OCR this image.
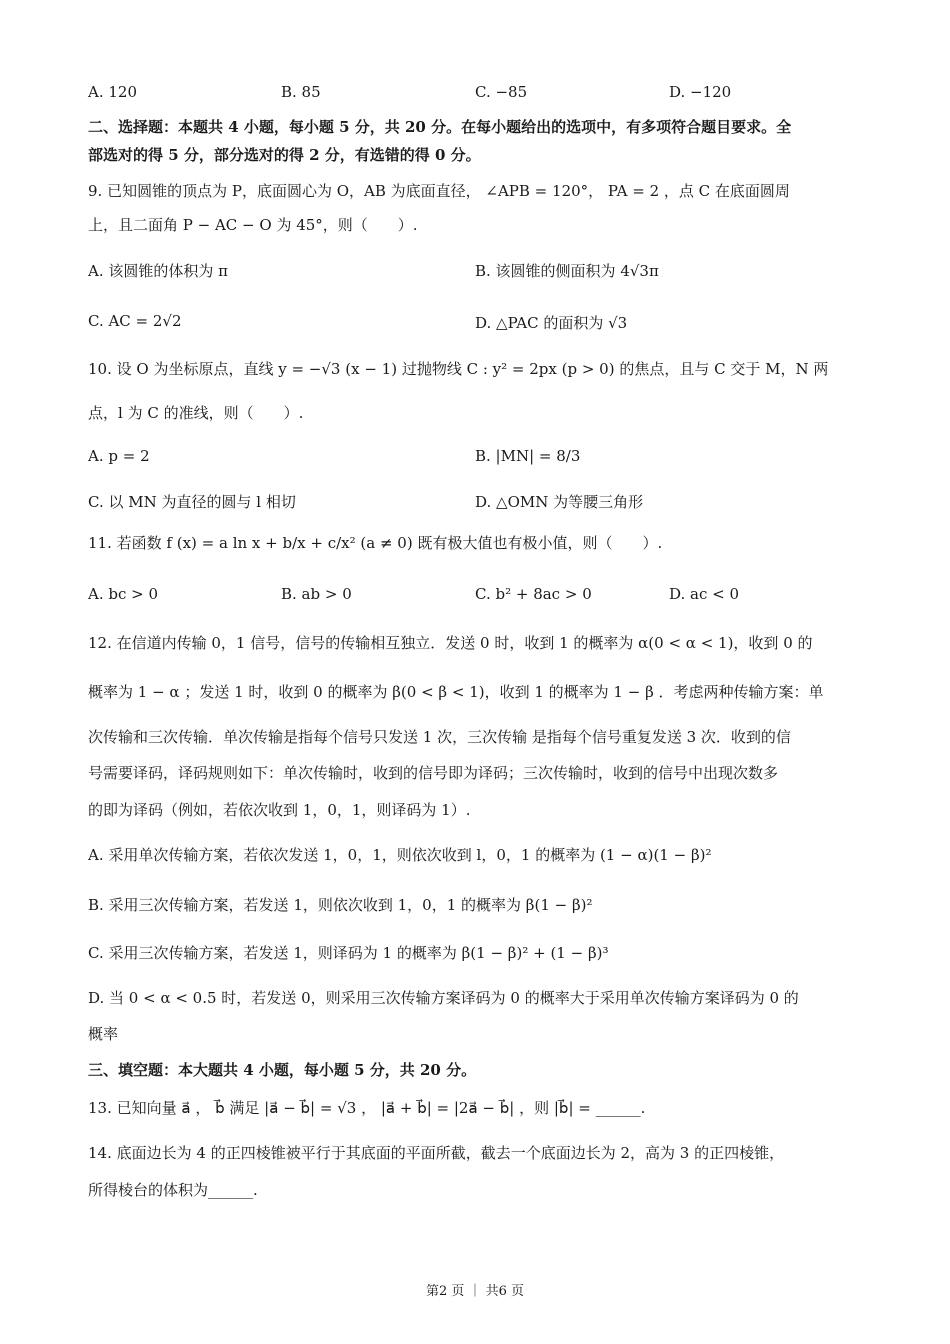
A. 120	B. 85	C. −85	D. −120
二、选择题：本题共 4 小题，每小题 5 分，共 20 分。在每小题给出的选项中，有多项符合题目要求。全
部选对的得 5 分，部分选对的得 2 分，有选错的得 0 分。
9. 已知圆锥的顶点为 P，底面圆心为 O，AB 为底面直径， ∠APB = 120°， PA = 2 ，点 C 在底面圆周
上，且二面角 P − AC − O 为 45°，则（　　）.
A. 该圆锥的体积为 π	B. 该圆锥的侧面积为 4√3π
C. AC = 2√2	D. △PAC 的面积为 √3
10. 设 O 为坐标原点，直线 y = −√3 (x − 1) 过抛物线 C : y² = 2px (p > 0) 的焦点，且与 C 交于 M，N 两
点，l 为 C 的准线，则（　　）.
A. p = 2	B. |MN| = 8/3
C. 以 MN 为直径的圆与 l 相切	D. △OMN 为等腰三角形
11. 若函数 f (x) = a ln x + b/x + c/x² (a ≠ 0) 既有极大值也有极小值，则（　　）.
A. bc > 0	B. ab > 0	C. b² + 8ac > 0	D. ac < 0
12. 在信道内传输 0，1 信号，信号的传输相互独立．发送 0 时，收到 1 的概率为 α(0 < α < 1)，收到 0 的
概率为 1 − α ；发送 1 时，收到 0 的概率为 β(0 < β < 1)，收到 1 的概率为 1 − β ．考虑两种传输方案：单
次传输和三次传输．单次传输是指每个信号只发送 1 次，三次传输 是指每个信号重复发送 3 次．收到的信
号需要译码，译码规则如下：单次传输时，收到的信号即为译码；三次传输时，收到的信号中出现次数多
的即为译码（例如，若依次收到 1，0，1，则译码为 1）.
A. 采用单次传输方案，若依次发送 1，0，1，则依次收到 l，0，1 的概率为 (1 − α)(1 − β)²
B. 采用三次传输方案，若发送 1，则依次收到 1，0，1 的概率为 β(1 − β)²
C. 采用三次传输方案，若发送 1，则译码为 1 的概率为 β(1 − β)² + (1 − β)³
D. 当 0 < α < 0.5 时，若发送 0，则采用三次传输方案译码为 0 的概率大于采用单次传输方案译码为 0 的
概率
三、填空题：本大题共 4 小题，每小题 5 分，共 20 分。
13. 已知向量 a⃗ ， b⃗ 满足 |a⃗ − b⃗| = √3 ， |a⃗ + b⃗| = |2a⃗ − b⃗| ，则 |b⃗| = ______.
14. 底面边长为 4 的正四棱锥被平行于其底面的平面所截，截去一个底面边长为 2，高为 3 的正四棱锥，
所得棱台的体积为______.
第2 页 ｜ 共6 页
